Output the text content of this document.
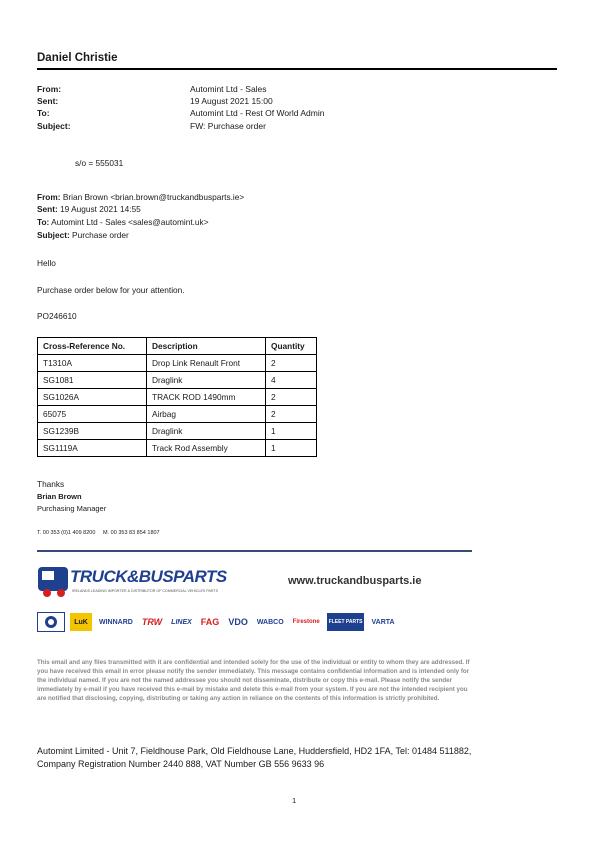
Daniel Christie
From:	Automint Ltd - Sales
Sent:	19 August 2021 15:00
To:	Automint Ltd - Rest Of World Admin
Subject:	FW: Purchase order
s/o = 555031
From: Brian Brown <brian.brown@truckandbusparts.ie>
Sent: 19 August 2021 14:55
To: Automint Ltd - Sales <sales@automint.uk>
Subject: Purchase order
Hello
Purchase order below for your attention.
PO246610
Cross-Reference No.	Description	Quantity
T1310A	Drop Link Renault Front	2
SG1081	Draglink	4
SG1026A	TRACK ROD 1490mm	2
65075	Airbag	2
SG1239B	Draglink	1
SG1119A	Track Rod Assembly	1
Thanks
Brian Brown
Purchasing Manager
T. 00 353 (0)1 409 8200     M. 00 353 83 854 1807
TRUCK&BUSPARTS
IRELANDS LEADING IMPORTER & DISTRIBUTOR OF COMMERCIAL VEHICLES PARTS
www.truckandbusparts.ie
LuK	WINNARD TRW LINEX FAG VDO WABCO	Firestone	FLEET PARTS VARTA
This email and any files transmitted with it are confidential and intended solely for the use of the individual or entity to whom they are addressed. If you have received this email in error please notify the sender immediately. This message contains confidential information and is intended only for the individual named. If you are not the named addressee you should not disseminate, distribute or copy this e-mail. Please notify the sender immediately by e-mail if you have received this e-mail by mistake and delete this e-mail from your system. If you are not the intended recipient you are notified that disclosing, copying, distributing or taking any action in reliance on the contents of this information is strictly prohibited.
Automint Limited - Unit 7, Fieldhouse Park, Old Fieldhouse Lane, Huddersfield, HD2 1FA, Tel: 01484 511882,
Company Registration Number 2440 888, VAT Number GB 556 9633 96
1
